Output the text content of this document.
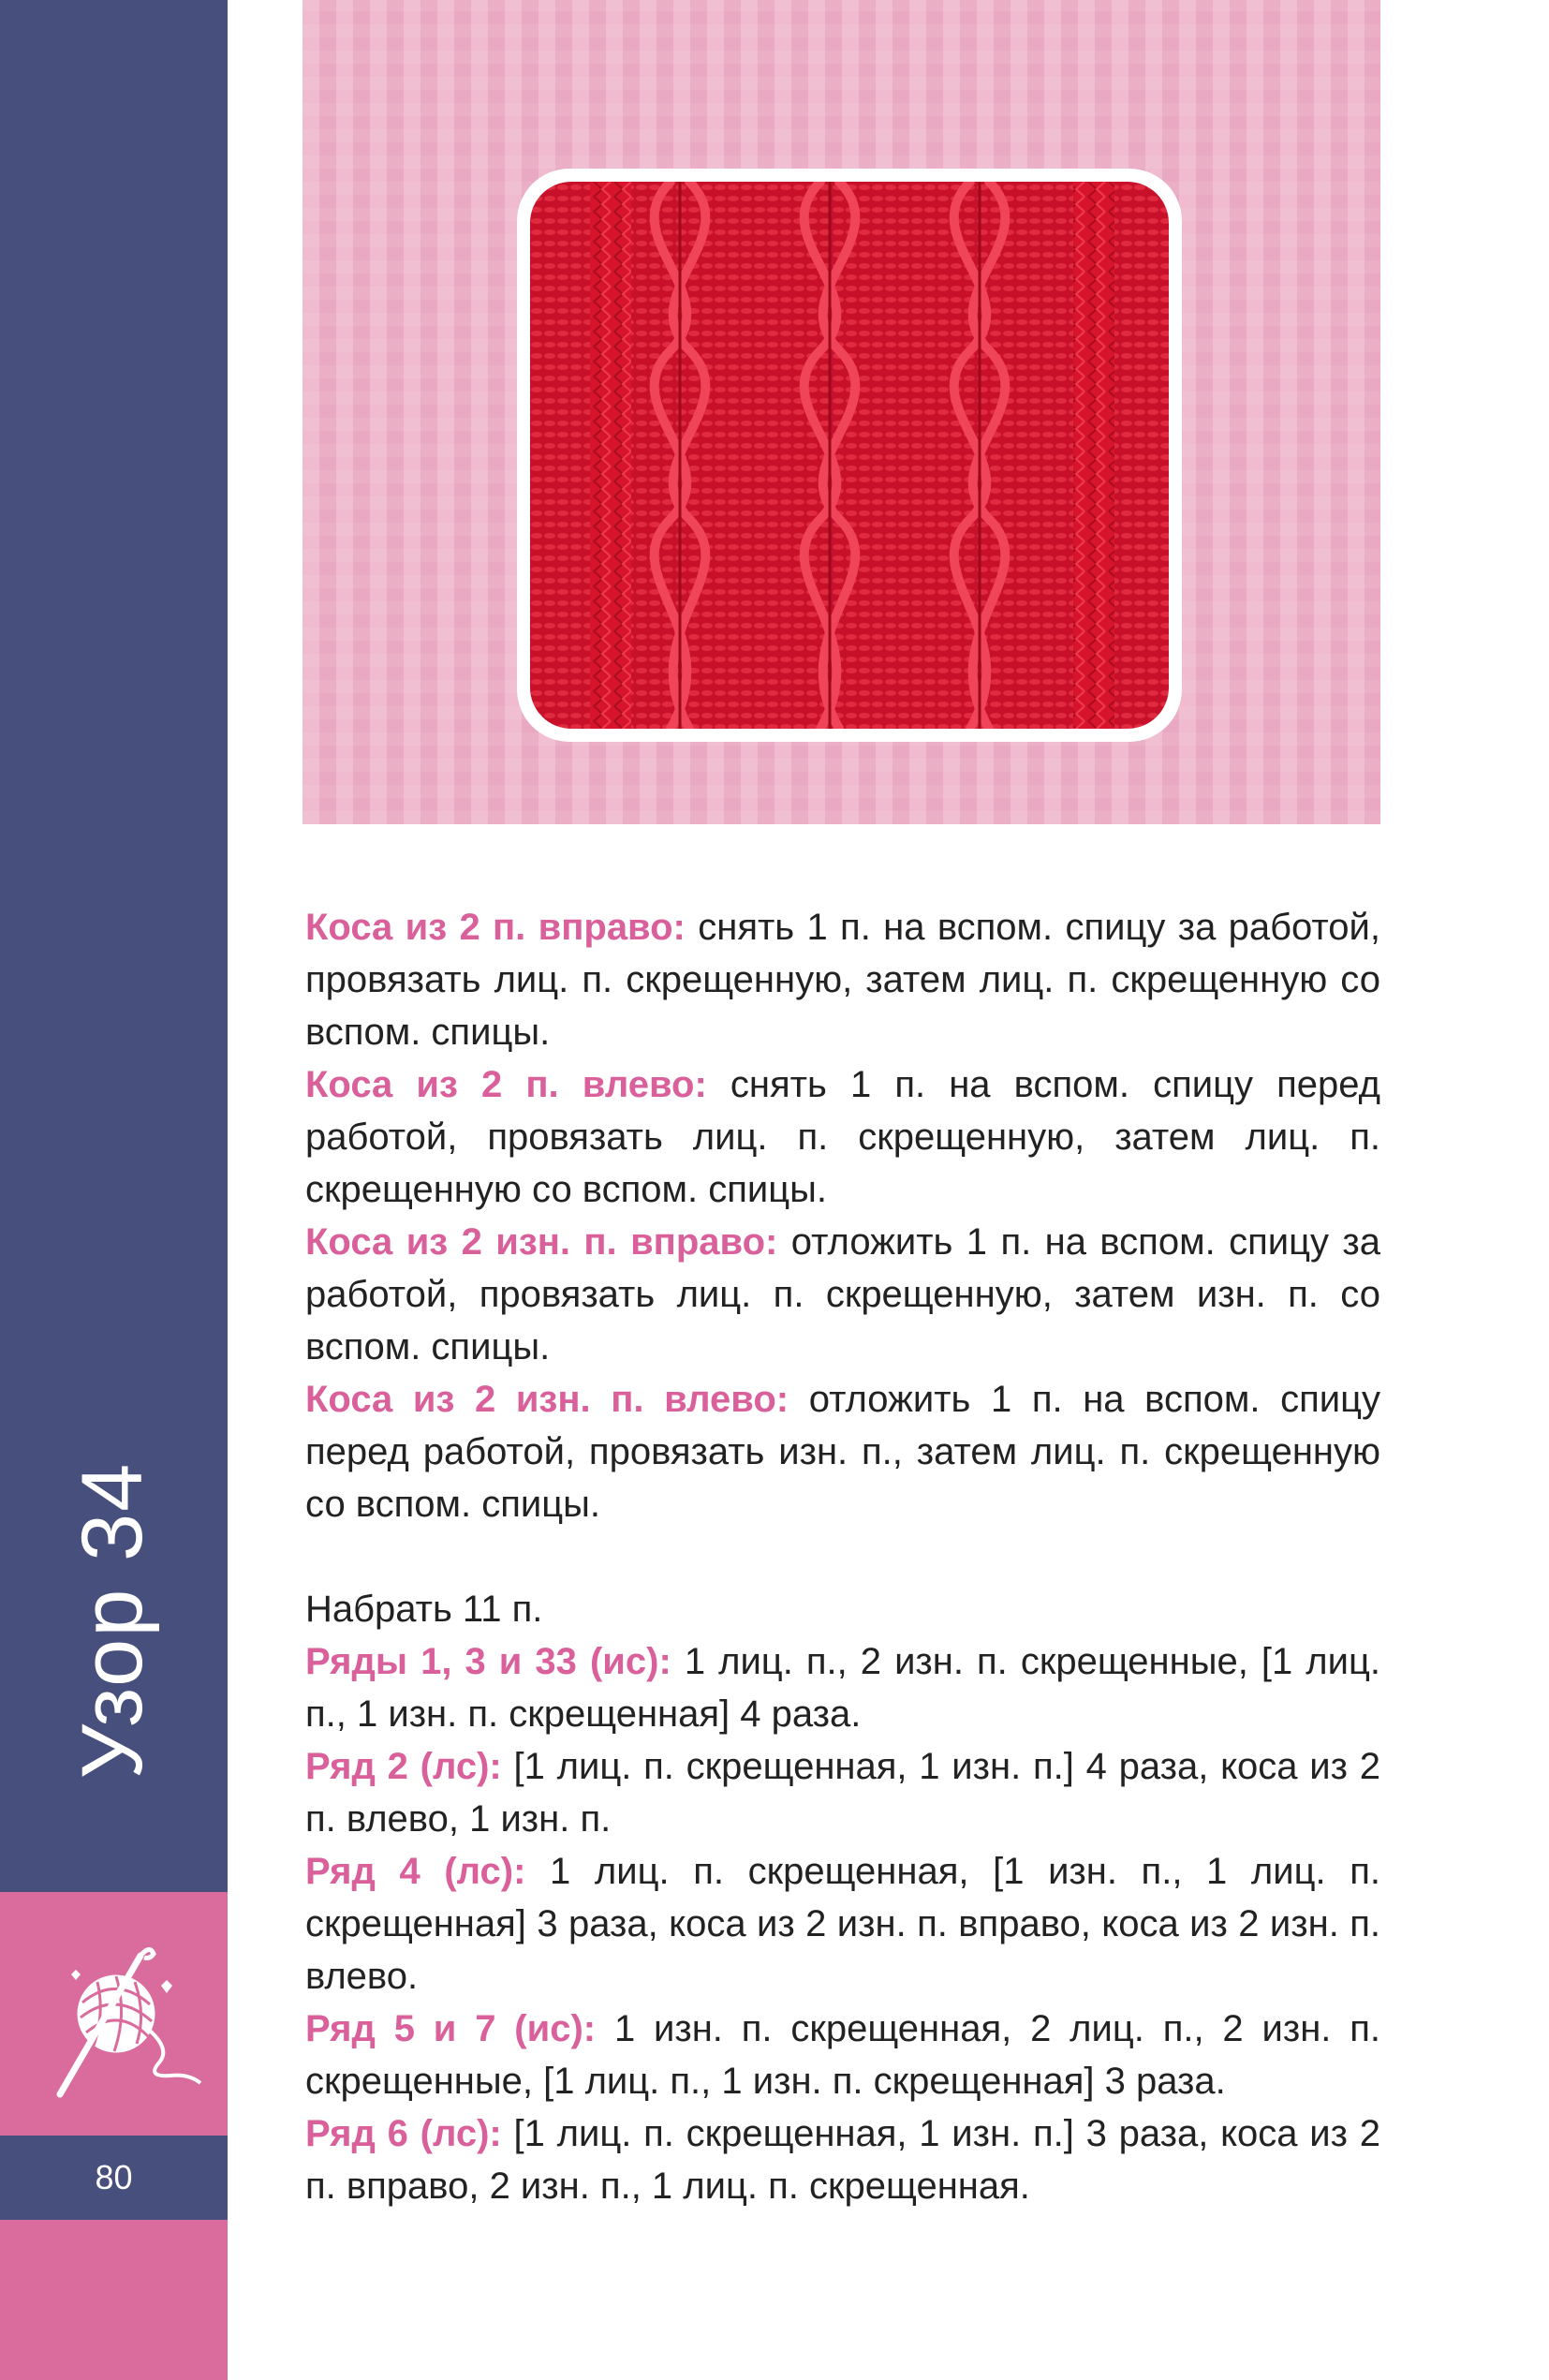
Узор 34
80

Коса из 2 п. вправо: снять 1 п. на вспом. спицу за работой, провязать лиц. п. скрещенную, затем лиц. п. скрещенную со вспом. спицы.

Коса из 2 п. влево: снять 1 п. на вспом. спицу перед работой, провязать лиц. п. скрещенную, затем лиц. п. скрещенную со вспом. спицы.

Коса из 2 изн. п. вправо: отложить 1 п. на вспом. спицу за работой, провязать лиц. п. скрещенную, затем изн. п. со вспом. спицы.

Коса из 2 изн. п. влево: отложить 1 п. на вспом. спицу перед работой, провязать изн. п., затем лиц. п. скрещенную со вспом. спицы.

Набрать 11 п.

Ряды 1, 3 и 33 (ис): 1 лиц. п., 2 изн. п. скрещенные, [1 лиц. п., 1 изн. п. скрещенная] 4 раза.

Ряд 2 (лс): [1 лиц. п. скрещенная, 1 изн. п.] 4 раза, коса из 2 п. влево, 1 изн. п.

Ряд 4 (лс): 1 лиц. п. скрещенная, [1 изн. п., 1 лиц. п. скрещенная] 3 раза, коса из 2 изн. п. вправо, коса из 2 изн. п. влево.

Ряд 5 и 7 (ис): 1 изн. п. скрещенная, 2 лиц. п., 2 изн. п. скрещенные, [1 лиц. п., 1 изн. п. скрещенная] 3 раза.

Ряд 6 (лс): [1 лиц. п. скрещенная, 1 изн. п.] 3 раза, коса из 2 п. вправо, 2 изн. п., 1 лиц. п. скрещенная.
